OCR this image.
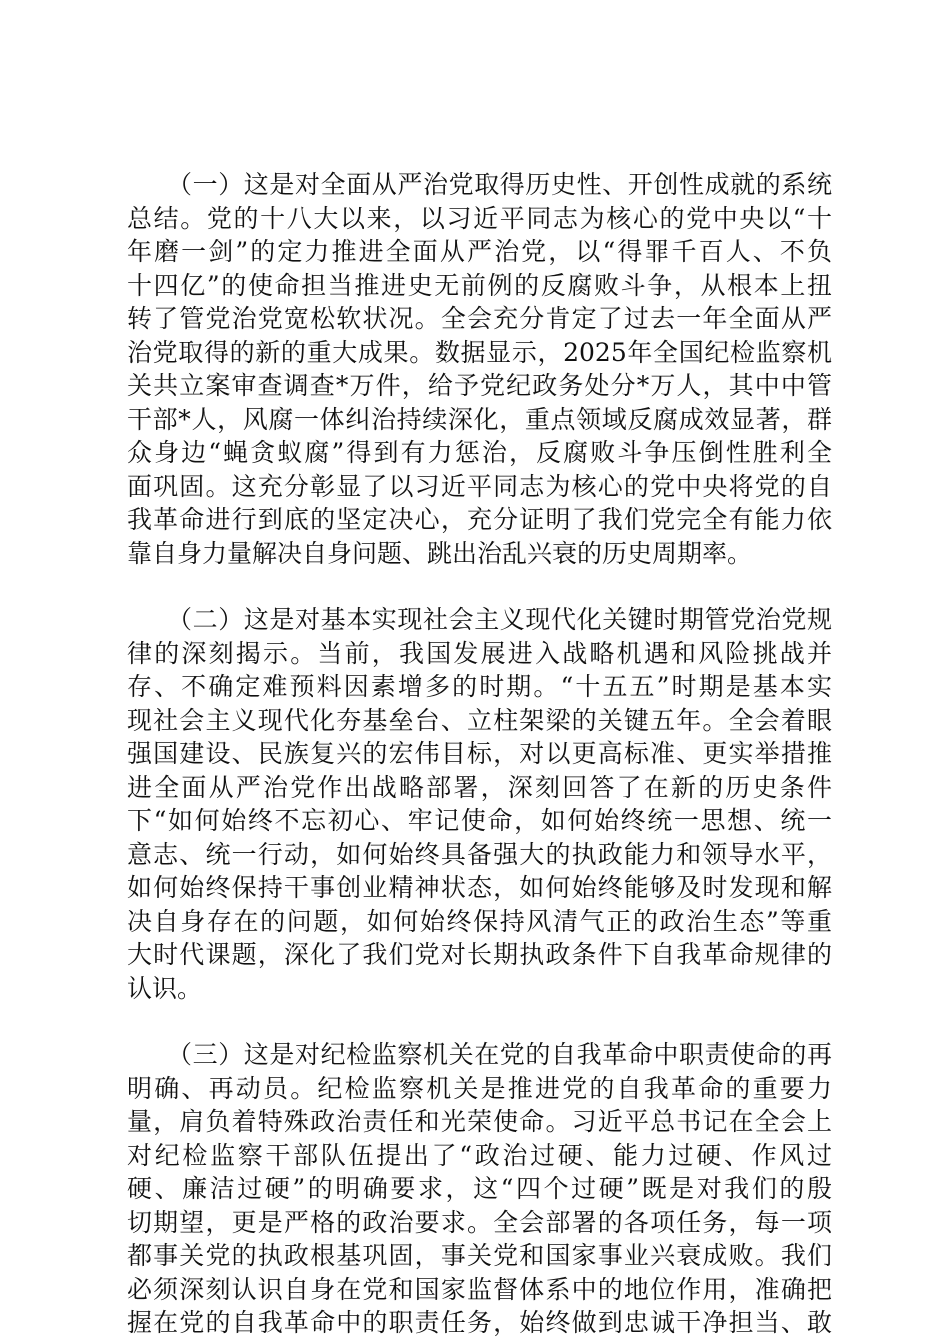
（一）这是对全面从严治党取得历史性、开创性成就的系统
总结。党的十八大以来，以习近平同志为核心的党中央以“十
年磨一剑”的定力推进全面从严治党，以“得罪千百人、不负
十四亿”的使命担当推进史无前例的反腐败斗争，从根本上扭
转了管党治党宽松软状况。全会充分肯定了过去一年全面从严
治党取得的新的重大成果。数据显示，2025年全国纪检监察机
关共立案审查调查*万件，给予党纪政务处分*万人，其中中管
干部*人，风腐一体纠治持续深化，重点领域反腐成效显著，群
众身边“蝇贪蚁腐”得到有力惩治，反腐败斗争压倒性胜利全
面巩固。这充分彰显了以习近平同志为核心的党中央将党的自
我革命进行到底的坚定决心，充分证明了我们党完全有能力依
靠自身力量解决自身问题、跳出治乱兴衰的历史周期率。
（二）这是对基本实现社会主义现代化关键时期管党治党规
律的深刻揭示。当前，我国发展进入战略机遇和风险挑战并
存、不确定难预料因素增多的时期。“十五五”时期是基本实
现社会主义现代化夯基垒台、立柱架梁的关键五年。全会着眼
强国建设、民族复兴的宏伟目标，对以更高标准、更实举措推
进全面从严治党作出战略部署，深刻回答了在新的历史条件
下“如何始终不忘初心、牢记使命，如何始终统一思想、统一
意志、统一行动，如何始终具备强大的执政能力和领导水平，
如何始终保持干事创业精神状态，如何始终能够及时发现和解
决自身存在的问题，如何始终保持风清气正的政治生态”等重
大时代课题，深化了我们党对长期执政条件下自我革命规律的
认识。
（三）这是对纪检监察机关在党的自我革命中职责使命的再
明确、再动员。纪检监察机关是推进党的自我革命的重要力
量，肩负着特殊政治责任和光荣使命。习近平总书记在全会上
对纪检监察干部队伍提出了“政治过硬、能力过硬、作风过
硬、廉洁过硬”的明确要求，这“四个过硬”既是对我们的殷
切期望，更是严格的政治要求。全会部署的各项任务，每一项
都事关党的执政根基巩固，事关党和国家事业兴衰成败。我们
必须深刻认识自身在党和国家监督体系中的地位作用，准确把
握在党的自我革命中的职责任务，始终做到忠诚干净担当、敢
